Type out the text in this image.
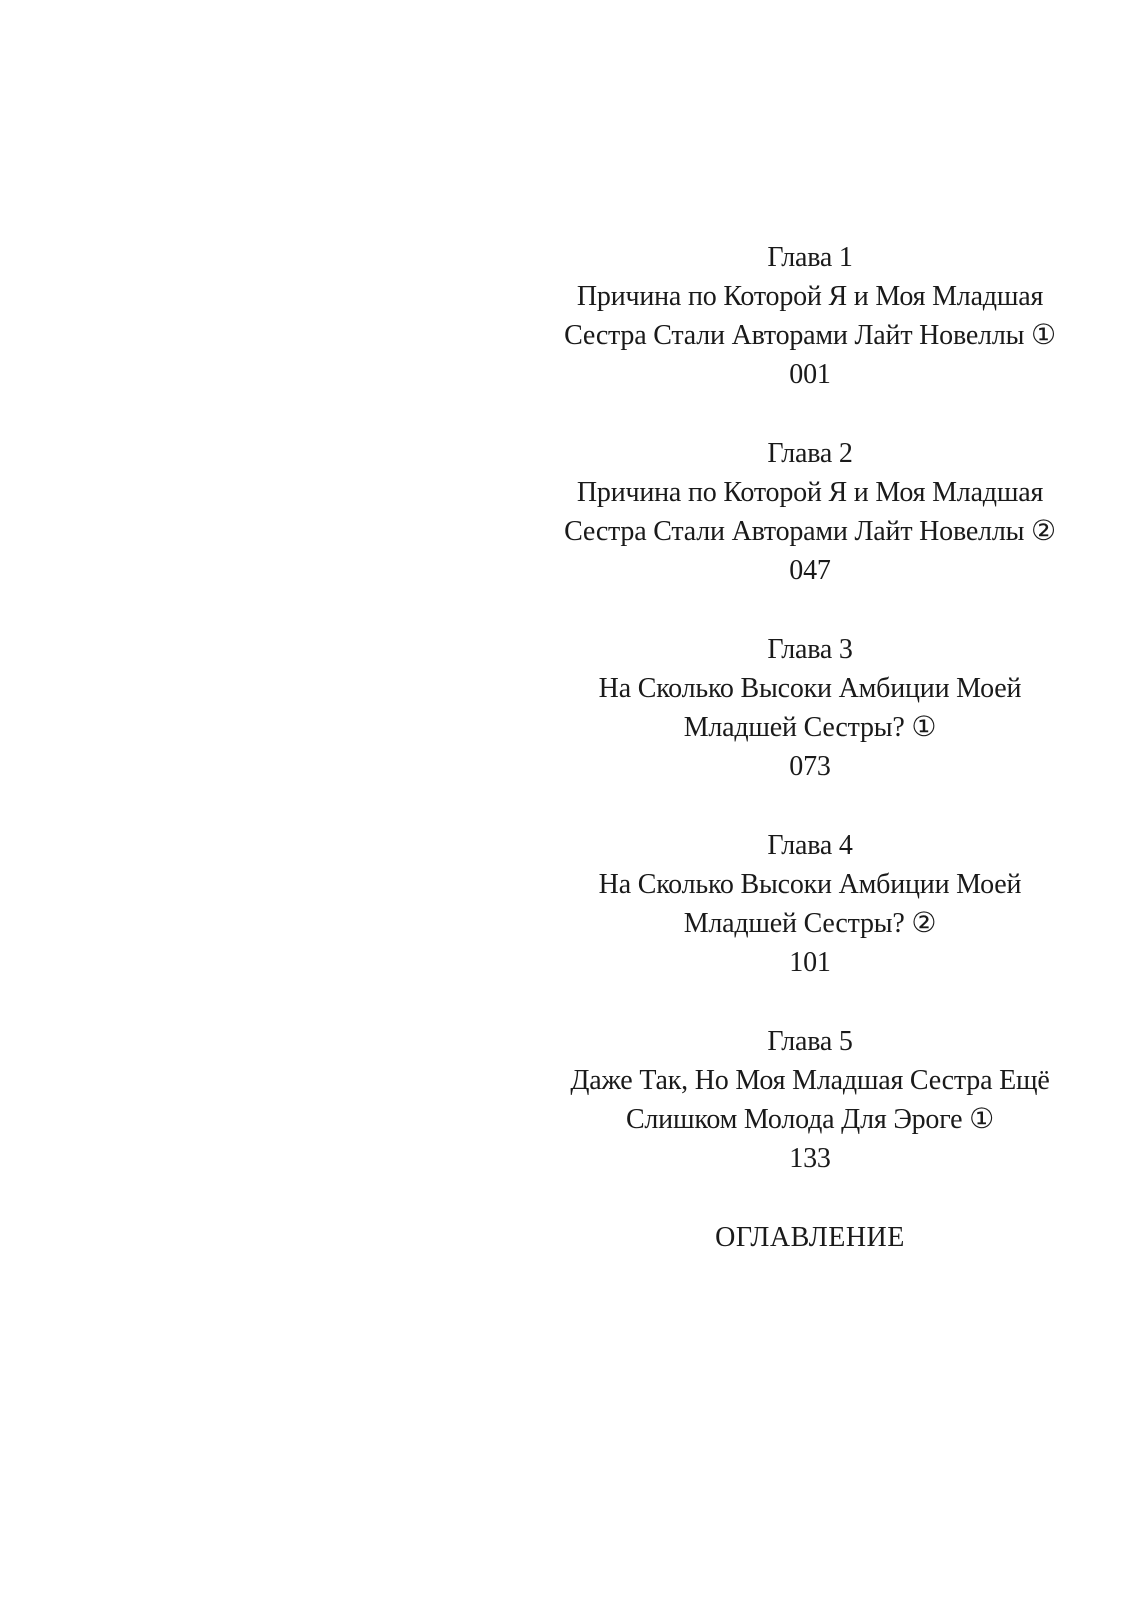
Глава 1
Причина по Которой Я и Моя Младшая
Сестра Стали Авторами Лайт Новеллы ①
001
Глава 2
Причина по Которой Я и Моя Младшая
Сестра Стали Авторами Лайт Новеллы ②
047
Глава 3
На Сколько Высоки Амбиции Моей
Младшей Сестры? ①
073
Глава 4
На Сколько Высоки Амбиции Моей
Младшей Сестры? ②
101
Глава 5
Даже Так, Но Моя Младшая Сестра Ещё
Слишком Молода Для Эроге ①
133
ОГЛАВЛЕНИЕ
